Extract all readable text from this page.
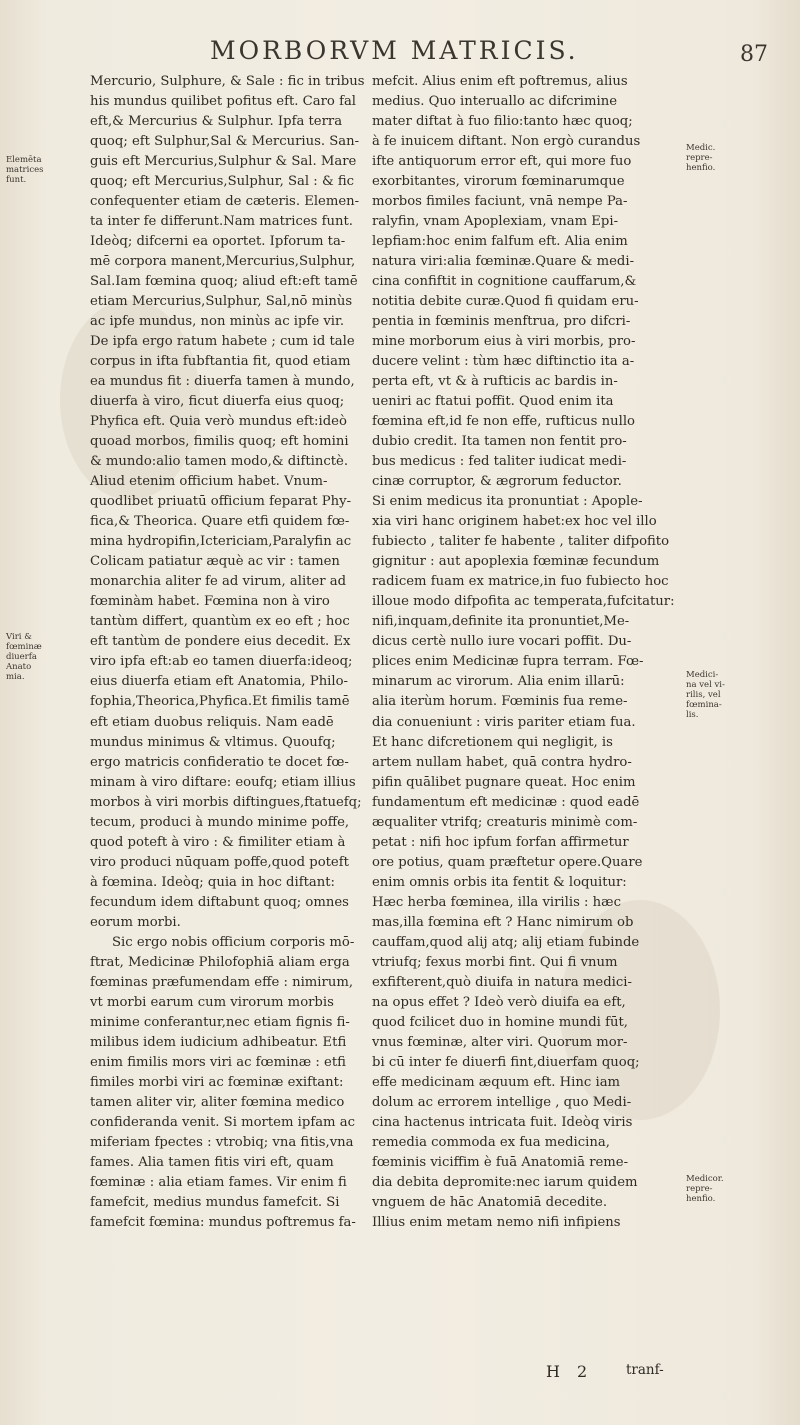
MORBORVM MATRICIS.	87
Mercurio, Sulphure, & Sale : fic in tribus
his mundus quilibet pofitus eft. Caro fal
eft,& Mercurius & Sulphur. Ipfa terra
quoq; eft Sulphur,Sal & Mercurius. San-
guis eft Mercurius,Sulphur & Sal. Mare
quoq; eft Mercurius,Sulphur, Sal : & fic
confequenter etiam de cæteris. Elemen-
ta inter fe differunt.Nam matrices funt.
Ideòq; difcerni ea oportet. Ipforum ta-
mē corpora manent,Mercurius,Sulphur,
Sal.Iam fœmina quoq; aliud eft:eft tamē
etiam Mercurius,Sulphur, Sal,nō minùs
ac ipfe mundus, non minùs ac ipfe vir.
De ipfa ergo ratum habete ; cum id tale
corpus in ifta fubftantia fit, quod etiam
ea mundus fit : diuerfa tamen à mundo,
diuerfa à viro, ficut diuerfa eius quoq;
Phyfica eft. Quia verò mundus eft:ideò
quoad morbos, fimilis quoq; eft homini
& mundo:alio tamen modo,& diftinctè.
Aliud etenim officium habet. Vnum-
quodlibet priuatū officium feparat Phy-
fica,& Theorica. Quare etfi quidem fœ-
mina hydropifin,Ictericiam,Paralyfin ac
Colicam patiatur æquè ac vir : tamen
monarchia aliter fe ad virum, aliter ad
fœminàm habet. Fœmina non à viro
tantùm differt, quantùm ex eo eft ; hoc
eft tantùm de pondere eius decedit. Ex
viro ipfa eft:ab eo tamen diuerfa:ideoq;
eius diuerfa etiam eft Anatomia, Philo-
fophia,Theorica,Phyfica.Et fimilis tamē
eft etiam duobus reliquis. Nam eadē
mundus minimus & vltimus. Quoufq;
ergo matricis confideratio te docet fœ-
minam à viro diftare: eoufq; etiam illius
morbos à viri morbis diftingues,ftatuefq;
tecum, produci à mundo minime poffe,
quod poteft à viro : & fimiliter etiam à
viro produci nūquam poffe,quod poteft
à fœmina. Ideòq; quia in hoc diftant:
fecundum idem diftabunt quoq; omnes
eorum morbi.
Sic ergo nobis officium corporis mō-
ftrat, Medicinæ Philofophiā aliam erga
fœminas præfumendam effe : nimirum,
vt morbi earum cum virorum morbis
minime conferantur,nec etiam fignis fi-
milibus idem iudicium adhibeatur. Etfi
enim fimilis mors viri ac fœminæ : etfi
fimiles morbi viri ac fœminæ exiftant:
tamen aliter vir, aliter fœmina medico
confideranda venit. Si mortem ipfam ac
miferiam fpectes : vtrobiq; vna fitis,vna
fames. Alia tamen fitis viri eft, quam
fœminæ : alia etiam fames. Vir enim fi
famefcit, medius mundus famefcit. Si
famefcit fœmina: mundus poftremus fa-
mefcit. Alius enim eft poftremus, alius
medius. Quo interuallo ac difcrimine
mater diftat à fuo filio:tanto hæc quoq;
à fe inuicem diftant. Non ergò curandus
ifte antiquorum error eft, qui more fuo
exorbitantes, virorum fœminarumque
morbos fimiles faciunt, vnā nempe Pa-
ralyfin, vnam Apoplexiam, vnam Epi-
lepfiam:hoc enim falfum eft. Alia enim
natura viri:alia fœminæ.Quare & medi-
cina confiftit in cognitione cauffarum,&
notitia debite curæ.Quod fi quidam eru-
pentia in fœminis menftrua, pro difcri-
mine morborum eius à viri morbis, pro-
ducere velint : tùm hæc diftinctio ita a-
perta eft, vt & à rufticis ac bardis in-
ueniri ac ftatui poffit. Quod enim ita
fœmina eft,id fe non effe, rufticus nullo
dubio credit. Ita tamen non fentit pro-
bus medicus : fed taliter iudicat medi-
cinæ corruptor, & ægrorum feductor.
Si enim medicus ita pronuntiat : Apople-
xia viri hanc originem habet:ex hoc vel illo
fubiecto , taliter fe habente , taliter difpofito
gignitur : aut apoplexia fœminæ fecundum
radicem fuam ex matrice,in fuo fubiecto hoc
illoue modo difpofita ac temperata,fufcitatur:
nifi,inquam,definite ita pronuntiet,Me-
dicus certè nullo iure vocari poffit. Du-
plices enim Medicinæ fupra terram. Fœ-
minarum ac virorum. Alia enim illarū:
alia iterùm horum. Fœminis fua reme-
dia conueniunt : viris pariter etiam fua.
Et hanc difcretionem qui negligit, is
artem nullam habet, quā contra hydro-
pifin quālibet pugnare queat. Hoc enim
fundamentum eft medicinæ : quod eadē
æqualiter vtrifq; creaturis minimè com-
petat : nifi hoc ipfum forfan affirmetur
ore potius, quam præftetur opere.Quare
enim omnis orbis ita fentit & loquitur:
Hæc herba fœminea, illa virilis : hæc
mas,illa fœmina eft ? Hanc nimirum ob
cauffam,quod alij atq; alij etiam fubinde
vtriufq; fexus morbi fint. Qui fi vnum
exfifterent,quò diuifa in natura medici-
na opus effet ? Ideò verò diuifa ea eft,
quod fcilicet duo in homine mundi fūt,
vnus fœminæ, alter viri. Quorum mor-
bi cū inter fe diuerfi fint,diuerfam quoq;
effe medicinam æquum eft. Hinc iam
dolum ac errorem intellige , quo Medi-
cina hactenus intricata fuit. Ideòq viris
remedia commoda ex fua medicina,
fœminis viciffim è fuā Anatomiā reme-
dia debita depromite:nec iarum quidem
vnguem de hāc Anatomiā decedite.
Illius enim metam nemo nifi infipiens
Elemēta
matrices
funt.
Viri &
fœminæ
diuerfa
Anato
mia.
Medic.
repre-
henfio.
Medici-
na vel vi-
rilis, vel
fœmina-
lis.
Medicor.
repre-
henfio.
H 2 tranf-
